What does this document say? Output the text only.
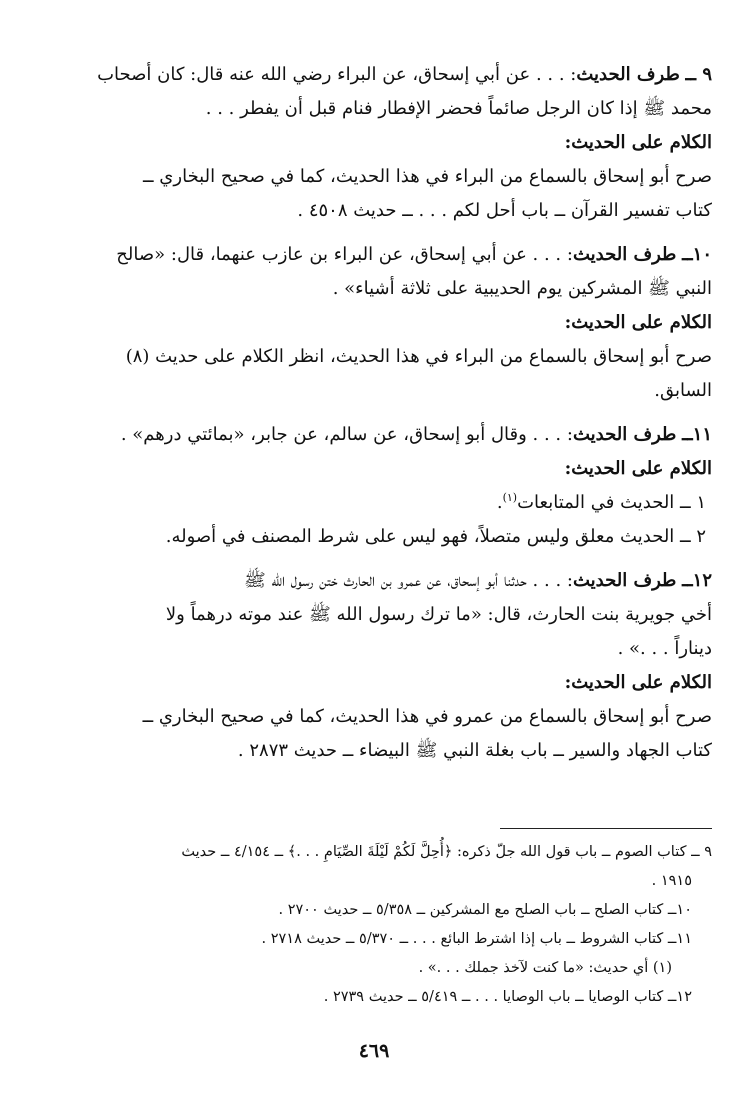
٩ ــ طرف الحديث: . . . عن أبي إسحاق، عن البراء رضي الله عنه قال: كان أصحاب
محمد ﷺ إذا كان الرجل صائماً فحضر الإفطار فنام قبل أن يفطر . . .
الكلام على الحديث:
صرح أبو إسحاق بالسماع من البراء في هذا الحديث، كما في صحيح البخاري ــ
كتاب تفسير القرآن ــ باب أحل لكم . . . ــ حديث ٤٥٠٨ .
١٠ــ طرف الحديث: . . . عن أبي إسحاق، عن البراء بن عازب عنهما، قال: «صالح
النبي ﷺ المشركين يوم الحديبية على ثلاثة أشياء» .
الكلام على الحديث:
صرح أبو إسحاق بالسماع من البراء في هذا الحديث، انظر الكلام على حديث (٨)
السابق.
١١ــ طرف الحديث: . . . وقال أبو إسحاق، عن سالم، عن جابر، «بمائتي درهم» .
الكلام على الحديث:
١ ــ الحديث في المتابعات$^{(١)}$.
٢ ــ الحديث معلق وليس متصلاً، فهو ليس على شرط المصنف في أصوله.
١٢ــ طرف الحديث: . . . حدثنا أبو إسحاق، عن عمرو بن الحارث ختن رسول الله ﷺ
أخي جويرية بنت الحارث، قال: «ما ترك رسول الله ﷺ عند موته درهماً ولا
ديناراً . . .» .
الكلام على الحديث:
صرح أبو إسحاق بالسماع من عمرو في هذا الحديث، كما في صحيح البخاري ــ
كتاب الجهاد والسير ــ باب بغلة النبي ﷺ البيضاء ــ حديث ٢٨٧٣ .
٩ ــ كتاب الصوم ــ باب قول الله جلّ ذكره: ﴿أُحِلَّ لَكُمْ لَيْلَةَ الصِّيَامِ . . .﴾ ــ ٤/١٥٤ ــ حديث
١٩١٥ .
١٠ــ كتاب الصلح ــ باب الصلح مع المشركين ــ ٥/٣٥٨ ــ حديث ٢٧٠٠ .
١١ــ كتاب الشروط ــ باب إذا اشترط البائع . . . ــ ٥/٣٧٠ ــ حديث ٢٧١٨ .
(١) أي حديث: «ما كنت لآخذ جملك . . .» .
١٢ــ كتاب الوصايا ــ باب الوصايا . . . ــ ٥/٤١٩ ــ حديث ٢٧٣٩ .
٤٦٩
